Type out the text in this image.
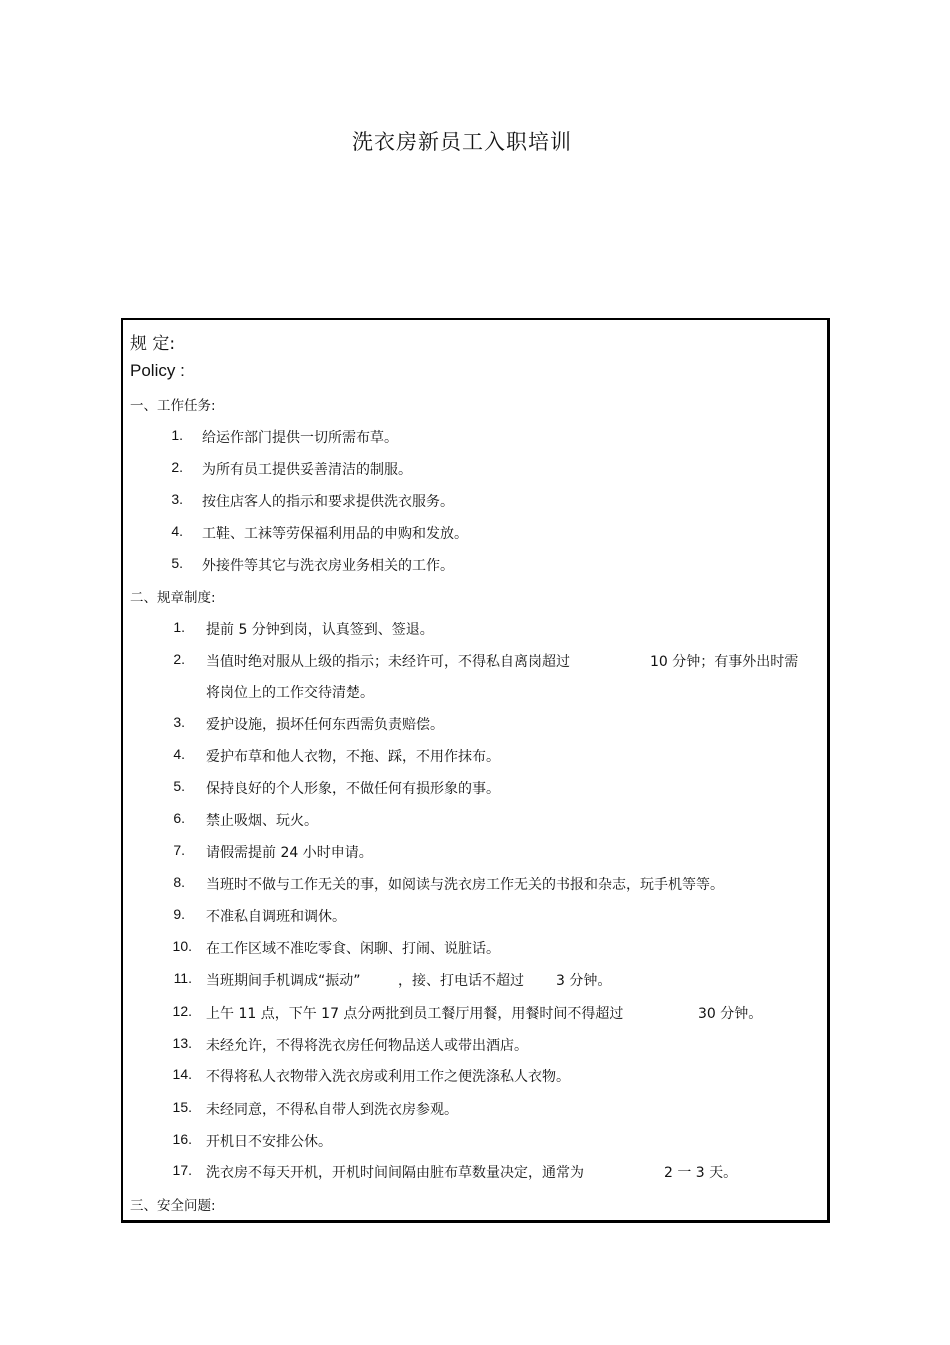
洗衣房新员工入职培训
规 定:
Policy :
一、工作任务:
1. 给运作部门提供一切所需布草。
2. 为所有员工提供妥善清洁的制服。
3. 按住店客人的指示和要求提供洗衣服务。
4. 工鞋、工袜等劳保福利用品的申购和发放。
5. 外接件等其它与洗衣房业务相关的工作。
二、规章制度:
1. 提前 5 分钟到岗，认真签到、签退。
2. 当值时绝对服从上级的指示；未经许可，不得私自离岗超过	10 分钟；有事外出时需
将岗位上的工作交待清楚。
3. 爱护设施，损坏任何东西需负责赔偿。
4. 爱护布草和他人衣物，不拖、踩，不用作抹布。
5. 保持良好的个人形象，不做任何有损形象的事。
6. 禁止吸烟、玩火。
7. 请假需提前 24 小时申请。
8. 当班时不做与工作无关的事，如阅读与洗衣房工作无关的书报和杂志，玩手机等等。
9. 不准私自调班和调休。
10. 在工作区域不准吃零食、闲聊、打闹、说脏话。
11. 当班期间手机调成“振动”	，接、打电话不超过 3 分钟。
12. 上午 11 点，下午 17 点分两批到员工餐厅用餐，用餐时间不得超过	30 分钟。
13. 未经允许，不得将洗衣房任何物品送人或带出酒店。
14. 不得将私人衣物带入洗衣房或利用工作之便洗涤私人衣物。
15. 未经同意，不得私自带人到洗衣房参观。
16. 开机日不安排公休。
17. 洗衣房不每天开机，开机时间间隔由脏布草数量决定，通常为	2 一 3 天。
三、安全问题:
